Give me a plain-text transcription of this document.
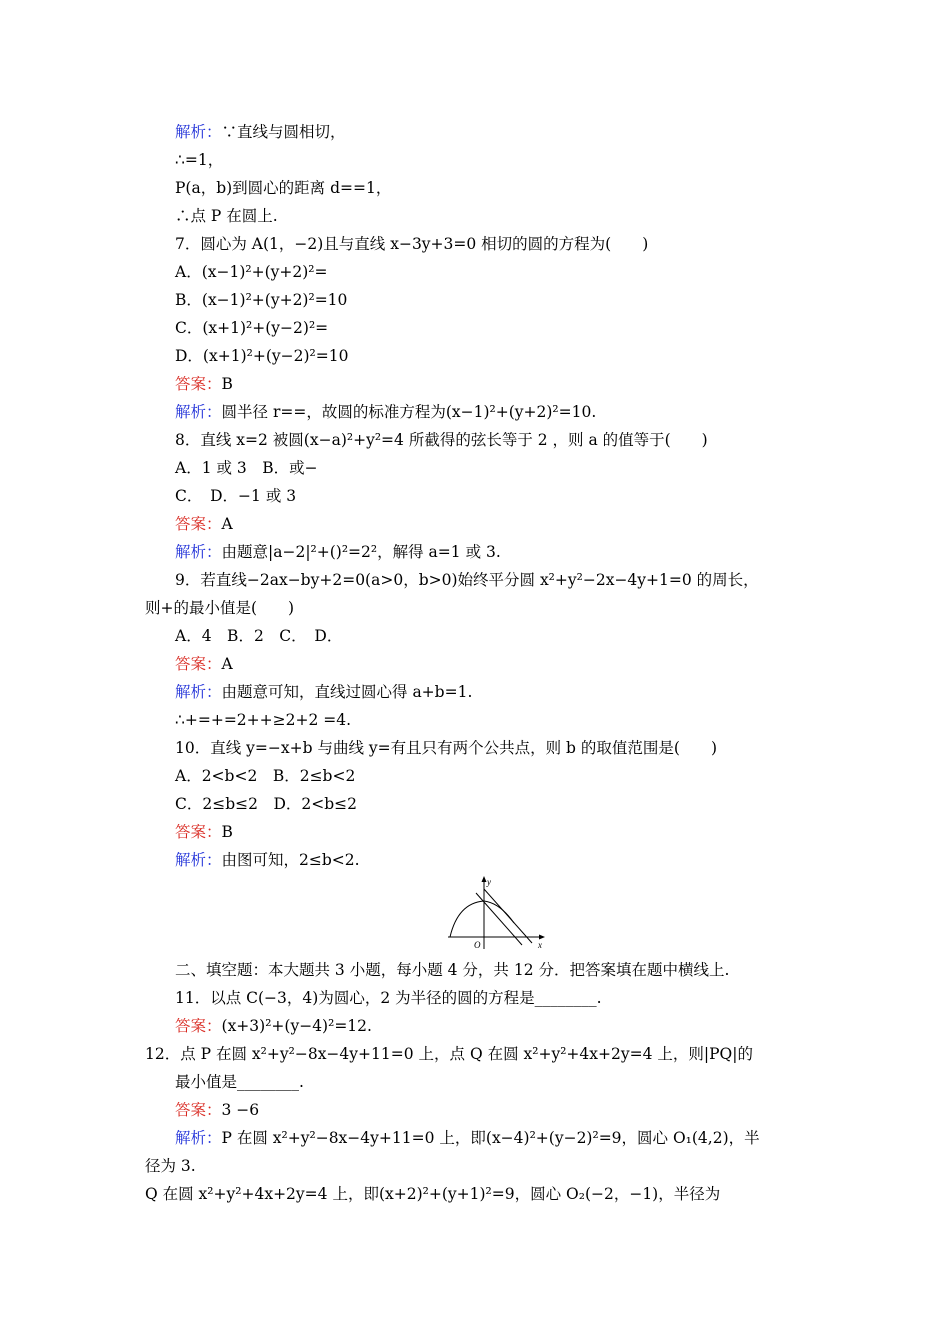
解析：∵直线与圆相切，
∴=1，
P(a，b)到圆心的距离 d==1，
∴点 P 在圆上.
7．圆心为 A(1，−2)且与直线 x−3y+3=0 相切的圆的方程为(　　)
A．(x−1)²+(y+2)²=
B．(x−1)²+(y+2)²=10
C．(x+1)²+(y−2)²=
D．(x+1)²+(y−2)²=10
答案：B
解析：圆半径 r==，故圆的标准方程为(x−1)²+(y+2)²=10.
8．直线 x=2 被圆(x−a)²+y²=4 所截得的弦长等于 2 ，则 a 的值等于(　　)
A．1 或 3　B．或−
C．　D．−1 或 3
答案：A
解析：由题意|a−2|²+()²=2²，解得 a=1 或 3.
9．若直线−2ax−by+2=0(a>0，b>0)始终平分圆 x²+y²−2x−4y+1=0 的周长，
则+的最小值是(　　)
A．4　B．2　C．　D．
答案：A
解析：由题意可知，直线过圆心得 a+b=1.
∴+=+=2++≥2+2 =4.
10．直线 y=−x+b 与曲线 y=有且只有两个公共点，则 b 的取值范围是(　　)
A．2<b<2　B．2≤b<2
C．2≤b≤2　D．2<b≤2
答案：B
解析：由图可知，2≤b<2.
二、填空题：本大题共 3 小题，每小题 4 分，共 12 分．把答案填在题中横线上.
11．以点 C(−3，4)为圆心，2 为半径的圆的方程是________.
答案：(x+3)²+(y−4)²=12.
12．点 P 在圆 x²+y²−8x−4y+11=0 上，点 Q 在圆 x²+y²+4x+2y=4 上，则|PQ|的
最小值是________.
答案：3 −6
解析：P 在圆 x²+y²−8x−4y+11=0 上，即(x−4)²+(y−2)²=9，圆心 O₁(4,2)，半
径为 3.
Q 在圆 x²+y²+4x+2y=4 上，即(x+2)²+(y+1)²=9，圆心 O₂(−2，−1)，半径为
y
x
O
